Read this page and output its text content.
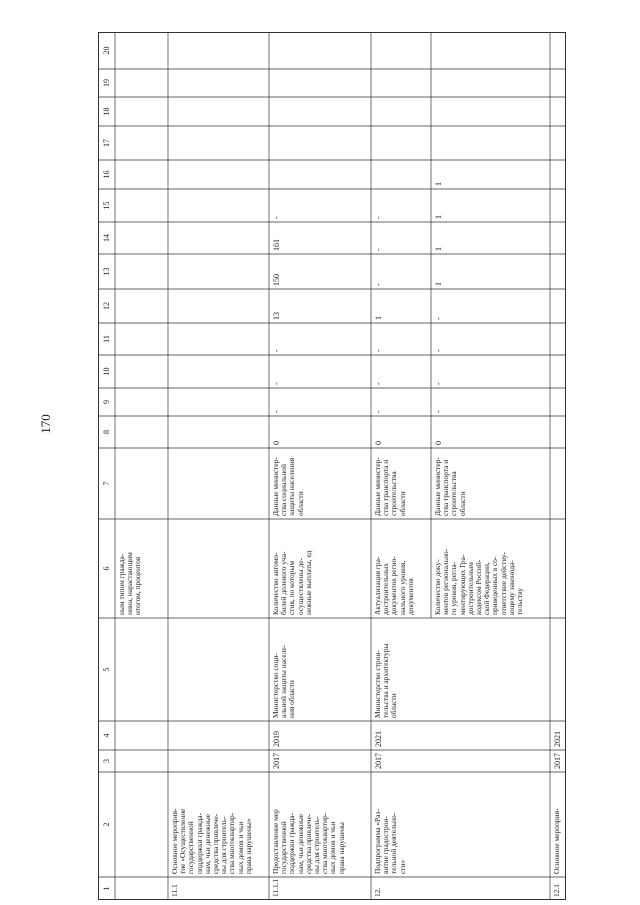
170
1
2
3
4
5
6
7
8
9
10
11
12
13
14
15
16
17
18
19
20
ным типом гражда-
нина, нарастающим
итогом, процентов
11.1
Основное мероприя-
тие «Осуществление
государственной
поддержки гражда-
нам, чьи денежные
средства привлече-
ны для строитель-
ства многоквартир-
ных домов и чьи
права нарушены»
11.1.1
Предоставление мер
государственной
поддержки гражда-
нам, чьи денежные
средства привлече-
ны для строитель-
ства многоквартир-
ных домов и чьи
права нарушены
2017
2019
Министерство соци-
альной защиты населе-
ния области
Количество автомо-
билей долевого уча-
стия, по которым
осуществлены де-
нежные выплаты, ед
Данные министер-
ства социальной
защиты населения
области
0
-
-
-
13
150
161
-
12.
Подпрограмма «Раз-
витие градострои-
тельной деятельно-
сти»
2017
2021
Министерство строи-
тельства и архитектуры
области
Актуализация гра-
достроительных
документов регио-
нального уровня,
документов
Данные министер-
ства транспорта и
строительства
области
0
-
-
-
1
-
-
-
Количество доку-
ментов регионально-
го уровня, регла-
ментирующих Гра-
достроительным
кодексом Россий-
ской Федерации,
приведенных в со-
ответствие действу-
ющему законода-
тельству
Данные министер-
ства транспорта и
строительства
области
0
-
-
-
-
1
1
1
1
12.1
Основное мероприя-
2017
2021
